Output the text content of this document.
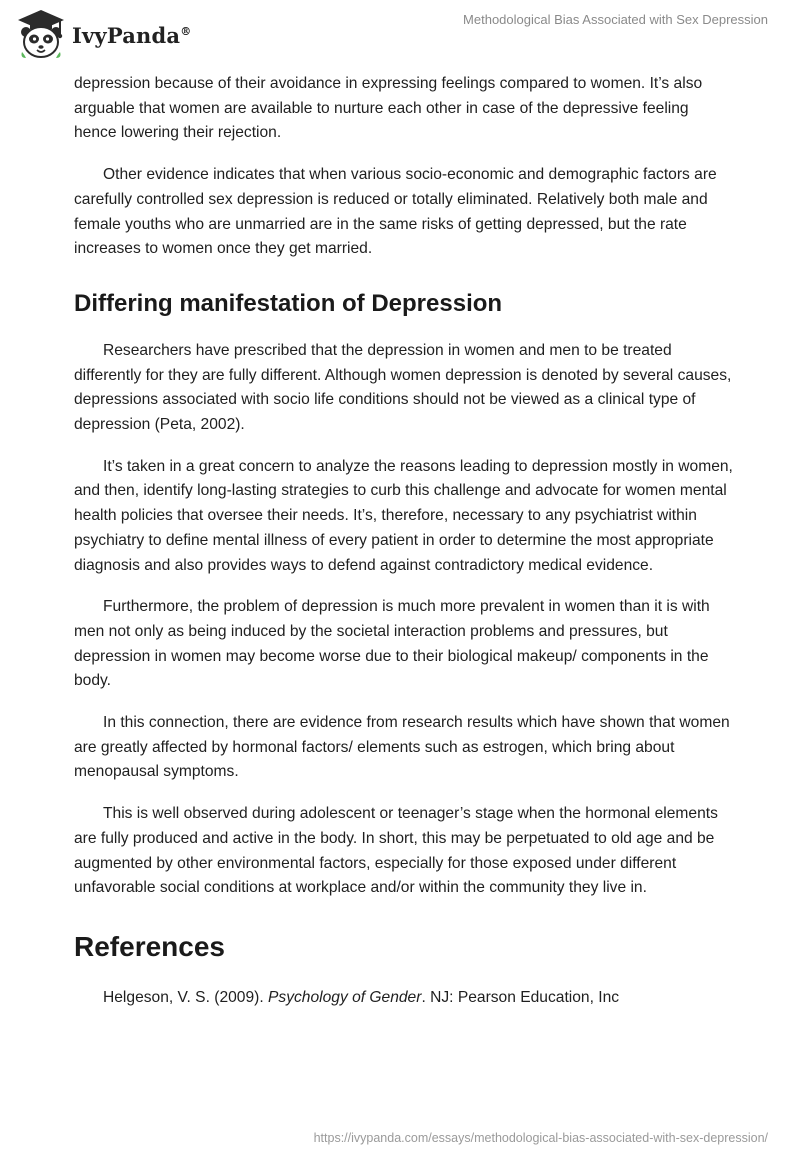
IvyPanda®
Methodological Bias Associated with Sex Depression

depression because of their avoidance in expressing feelings compared to women. It’s also arguable that women are available to nurture each other in case of the depressive feeling hence lowering their rejection.

Other evidence indicates that when various socio-economic and demographic factors are carefully controlled sex depression is reduced or totally eliminated. Relatively both male and female youths who are unmarried are in the same risks of getting depressed, but the rate increases to women once they get married.

Differing manifestation of Depression

Researchers have prescribed that the depression in women and men to be treated differently for they are fully different. Although women depression is denoted by several causes, depressions associated with socio life conditions should not be viewed as a clinical type of depression (Peta, 2002).

It’s taken in a great concern to analyze the reasons leading to depression mostly in women, and then, identify long-lasting strategies to curb this challenge and advocate for women mental health policies that oversee their needs. It’s, therefore, necessary to any psychiatrist within psychiatry to define mental illness of every patient in order to determine the most appropriate diagnosis and also provides ways to defend against contradictory medical evidence.

Furthermore, the problem of depression is much more prevalent in women than it is with men not only as being induced by the societal interaction problems and pressures, but depression in women may become worse due to their biological makeup/ components in the body.

In this connection, there are evidence from research results which have shown that women are greatly affected by hormonal factors/ elements such as estrogen, which bring about menopausal symptoms.

This is well observed during adolescent or teenager’s stage when the hormonal elements are fully produced and active in the body. In short, this may be perpetuated to old age and be augmented by other environmental factors, especially for those exposed under different unfavorable social conditions at workplace and/or within the community they live in.

References

Helgeson, V. S. (2009). Psychology of Gender. NJ: Pearson Education, Inc

https://ivypanda.com/essays/methodological-bias-associated-with-sex-depression/
